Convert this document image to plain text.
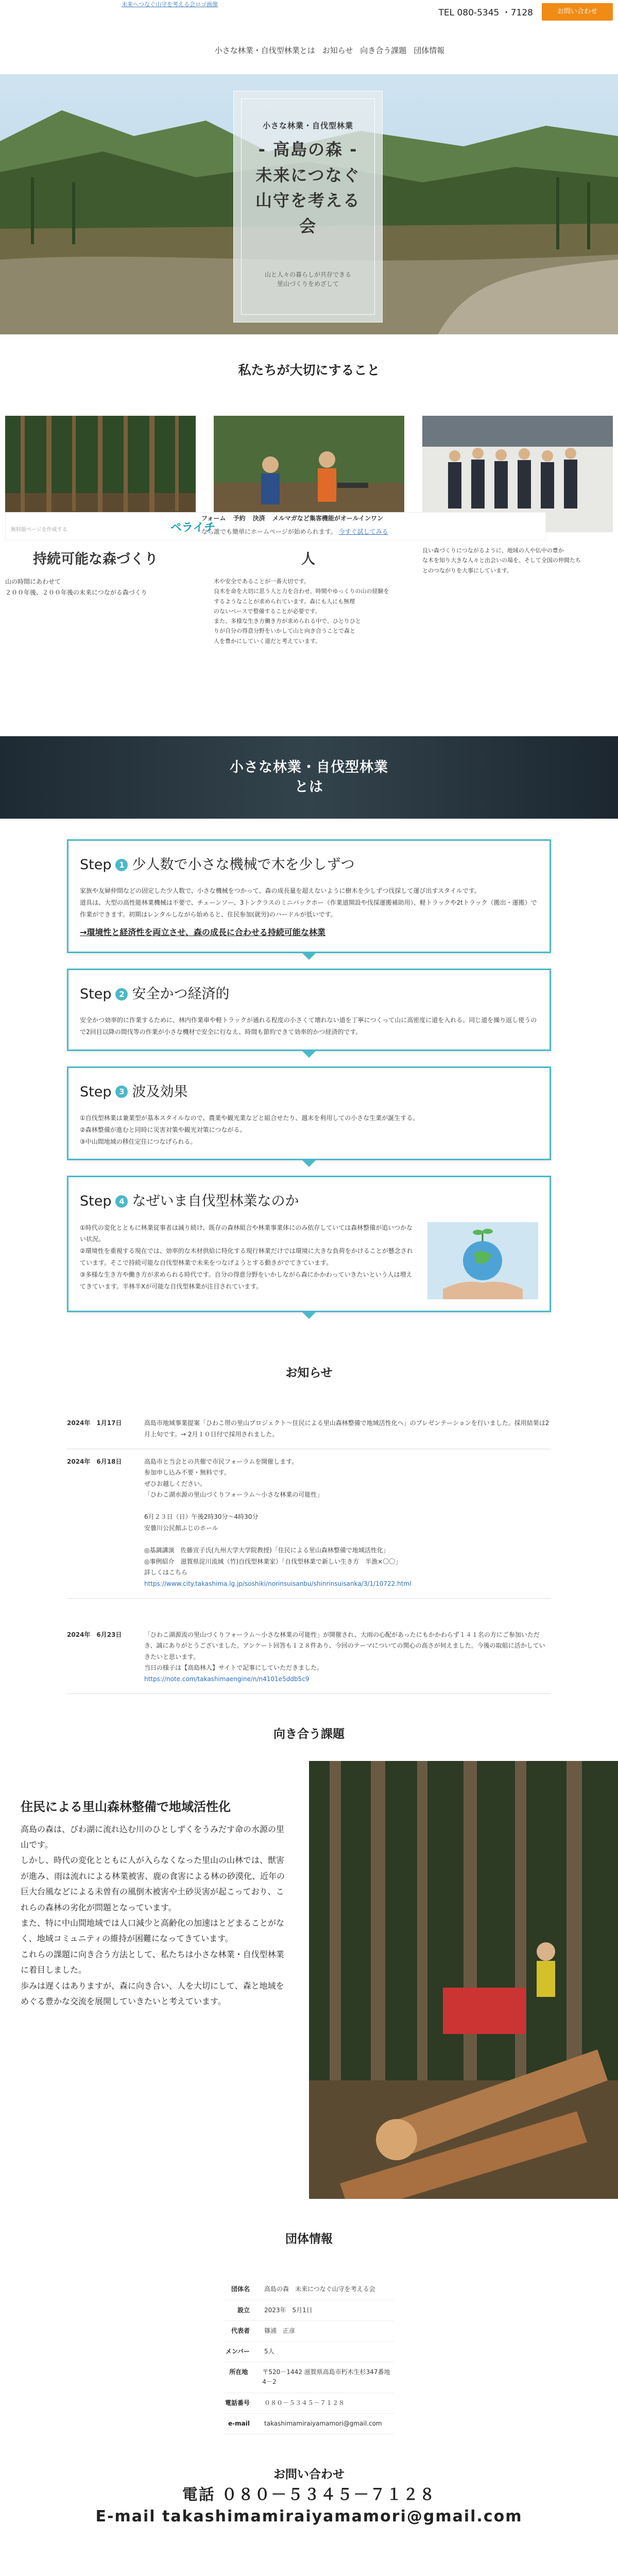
未来へつなぐ山守を考える会ロゴ画像
TEL 080-5345 ・7128	お問い合わせ
小さな林業・自伐型林業とは お知らせ 向き合う課題 団体情報
小さな林業・自伐型林業
- 高島の森 -
未来につなぐ
山守を考える
会
山と人々の暮らしが共存できる
里山づくりをめざして
私たちが大切にすること
無料版ページを作成する	ペライチ
フォーム 予約 決済 メルマガなど集客機能がオールインワン
なら誰でも簡単にホームページが始められます。 今すぐ試してみる
持続可能な森づくり
山の時間にあわせて
２００年後、２００年後の未来につながる森づくり
人
木や安全であることが一番大切です。
良木を命を大切に思う人と力を合わせ、時間やゆっくりの山の経験を
するようなことが求められています。森にも人にも無理
のないペースで整備することが必要です。
また、多様な生き方働き方が求められる中で、ひとりひと
りが自分の得意分野をいかして山と向き合うことで森と
人を豊かにしていく道だと考えています。
良い森づくりにつながるように、地域の人や仏中の豊か
な木を知り大きな人々と出会いの場を、そして全国の仲間たち
とのつながりを大事にしています。
小さな林業・自伐型林業
とは
Step 1 少人数で小さな機械で木を少しずつ
家族や友婦仲間などの固定した少人数で、小さな機械をつかって、森の成長量を超えないように樹木を少しずつ伐採して運び出すスタイルです。
道具は、大型の高性能林業機械は不要で、チェーンソー、3トンクラスのミニバックホー（作業道開設や伐採運搬補助用）、軽トラックや2tトラック（搬出・運搬）で作業ができます。初期はレンタルしながら始めると、住民参加(就労)のハードルが低いです。
→環境性と経済性を両立させ、森の成長に合わせる持続可能な林業
Step 2 安全かつ経済的
安全かつ効率的に作業するために、林内作業車や軽トラックが通れる程度の小さくて壊れない道を丁寧につくって山に高密度に道を入れる。同じ道を繰り返し使うので2回目以降の間伐等の作業が小さな機材で安全に行なえ、時間も節約できて効率的かつ経済的です。
Step 3 波及効果
①自伐型林業は兼業型が基本スタイルなので、農業や観光業などと組合せたり、週末を利用しての小さな生業が誕生する。
②森林整備が進むと同時に災害対策や観光対策につながる。
③中山間地域の移住定住につなげられる。
Step 4 なぜいま自伐型林業なのか
①時代の変化とともに林業従事者は減り続け、既存の森林組合や林業事業体にのみ依存していては森林整備が追いつかない状況。
②環境性を重視する現在では、効率的な木材供給に特化する現行林業だけでは環境に大きな負荷をかけることが懸念されています。そこで持続可能な自伐型林業で未来をつなげようとする動きがでてきています。
③多様な生き方や働き方が求められる時代です。自分の得意分野をいかしながら森にかかわっていきたいという人は増えてきています。半林半Xが可能な自伐型林業が注目されています。
お知らせ
2024年　1月17日	高島市地域事業提案「ひわこ帯の里山プロジェクト〜住民による里山森林整備で地域活性化へ」のプレゼンテーションを行いました。採用結果は2月上旬です。→ 2月１０日付で採用されました。
2024年　6月18日	高島市と当会との共催で市民フォーラムを開催します。
参加申し込み不要・無料です。
ぜひお越しください。
「ひわこ湖水源の里山づくりフォーラム〜小さな林業の可能性」

6月２３日（日）午後2時30分〜4時30分
安曇川公民館ふじのホール

◎基調講演　佐藤宣子氏(九州大学大学院教授)「住民による里山森林整備で地域活性化」
◎事例紹介　滋賀県淀川流域（竹)自伐型林業家）「自伐型林業で新しい生き方　半漁×〇〇」
詳しくはこちら
https://www.city.takashima.lg.jp/soshiki/norinsuisanbu/shinrinsuisanka/3/1/10722.html
2024年　6月23日	「ひわこ湖源流の里山づくりフォーラム〜小さな林業の可能性」が開催され、大雨の心配があったにもかかわらず１４１名の方にご参加いただき、誠にありがとうございました。アンケート回答も１２８件あり、今回のテーマについての関心の高さが伺えました。今後の取組に活かしていきたいと思います。
当日の様子は【高島林人】サイトで記事にしていただきました。
https://note.com/takashimaengine/n/n4101e5ddb5c9
向き合う課題
住民による里山森林整備で地域活性化
高島の森は、びわ湖に流れ込む川のひとしずくをうみだす命の水源の里山です。
しかし、時代の変化とともに人が入らなくなった里山の山林では、獣害が進み、雨は流れによる林業被害、鹿の食害による林の砂漠化、近年の巨大台風などによる未曽有の風倒木被害や土砂災害が起こっており、これらの森林の劣化が問題となっています。
また、特に中山間地域では人口減少と高齢化の加速はとどまることがなく、地域コミュニティの維持が困難になってきています。
これらの課題に向き合う方法として、私たちは小さな林業・自伐型林業に着目しました。
歩みは遅くはありますが、森に向き合い、人を大切にして、森と地域をめぐる豊かな交流を展開していきたいと考えています。
団体情報
団体名	高島の森　未来につなぐ山守を考える会
設立	2023年　5月1日
代表者	篠浦　正彦
メンバー	5人
所在地	〒520－1442 滋賀県高島市朽木生杉347番地4－2
電話番号	０８０－５３４５－７１２８
e-mail	takashimamiraiyamamori@gmail.com
お問い合わせ
電話 ０８０－５３４５－７１２８
E-mail takashimamiraiyamamori@gmail.com
